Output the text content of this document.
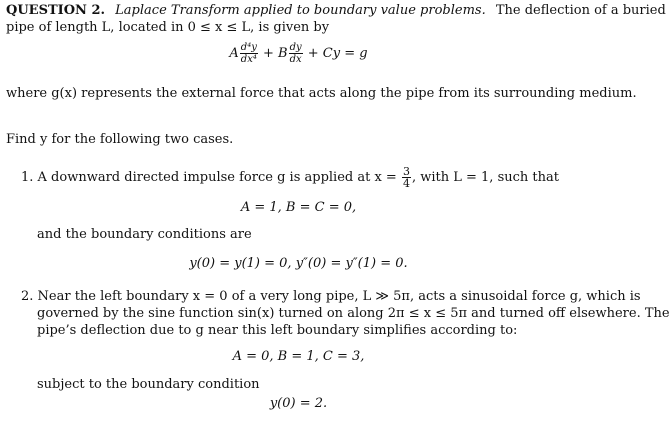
QUESTION 2. Laplace Transform applied to boundary value problems. The deflection of a buried
pipe of length L, located in 0 ≤ x ≤ L, is given by
A $\frac{\text{d⁴y}}{\text{dx⁴}} + B \frac{dy}{dx} + Cy = g$
where g(x) represents the external force that acts along the pipe from its surrounding medium.
Find y for the following two cases.
1. A downward directed impulse force g is applied at $x = \frac{3}{4}$ , with L = 1, such that
A = 1, B = C = 0,
and the boundary conditions are
y(0) = y(1) = 0, y″(0) = y″(1) = 0.
2. Near the left boundary x = 0 of a very long pipe, L ≫ 5π, acts a sinusoidal force g, which is
governed by the sine function sin(x) turned on along 2π ≤ x ≤ 5π and turned off elsewhere. The
pipe’s deflection due to g near this left boundary simplifies according to:
A = 0, B = 1, C = 3,
subject to the boundary condition
y(0) = 2.
